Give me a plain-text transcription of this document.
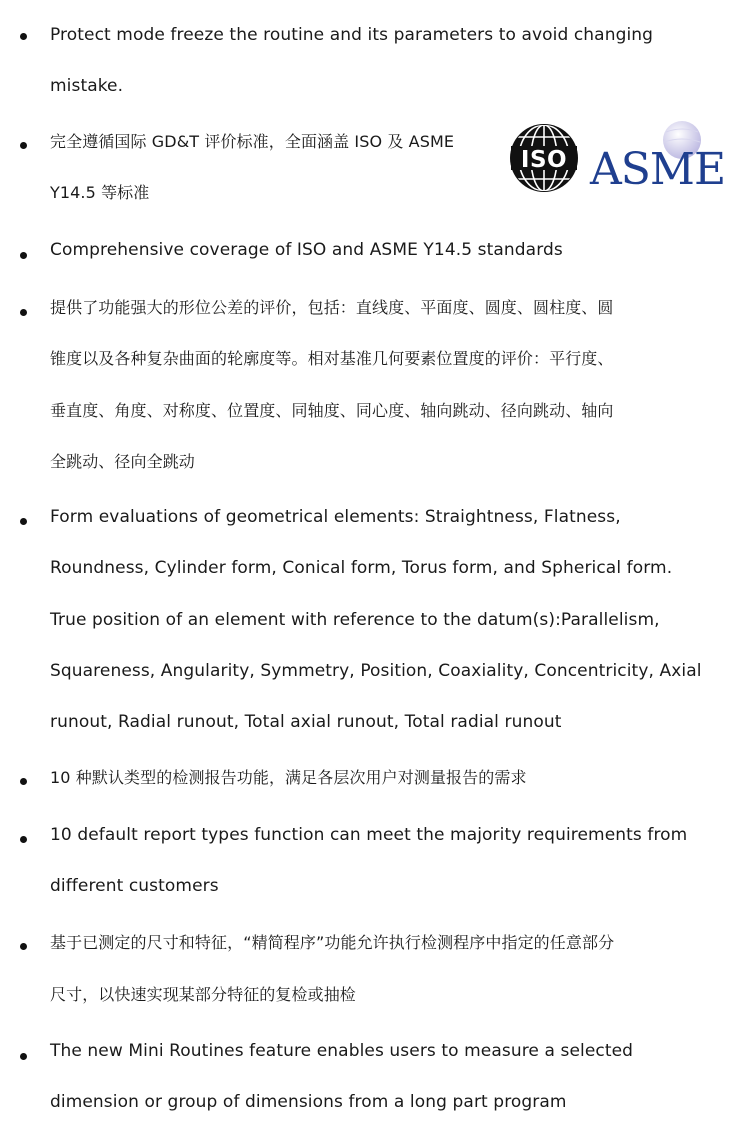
Protect mode freeze the routine and its parameters to avoid changing
mistake.
完全遵循国际 GD&T 评价标准，全面涵盖 ISO 及 ASME
Y14.5 等标准
Comprehensive coverage of ISO and ASME Y14.5 standards
提供了功能强大的形位公差的评价，包括：直线度、平面度、圆度、圆柱度、圆
锥度以及各种复杂曲面的轮廓度等。相对基准几何要素位置度的评价：平行度、
垂直度、角度、对称度、位置度、同轴度、同心度、轴向跳动、径向跳动、轴向
全跳动、径向全跳动
Form evaluations of geometrical elements: Straightness, Flatness,
Roundness, Cylinder form, Conical form, Torus form, and Spherical form.
True position of an element with reference to the datum(s):Parallelism,
Squareness, Angularity, Symmetry, Position, Coaxiality, Concentricity, Axial
runout, Radial runout, Total axial runout, Total radial runout
10 种默认类型的检测报告功能，满足各层次用户对测量报告的需求
10 default report types function can meet the majority requirements from
different customers
基于已测定的尺寸和特征，“精简程序”功能允许执行检测程序中指定的任意部分
尺寸，以快速实现某部分特征的复检或抽检
The new Mini Routines feature enables users to measure a selected
dimension or group of dimensions from a long part program
ISO ASME
